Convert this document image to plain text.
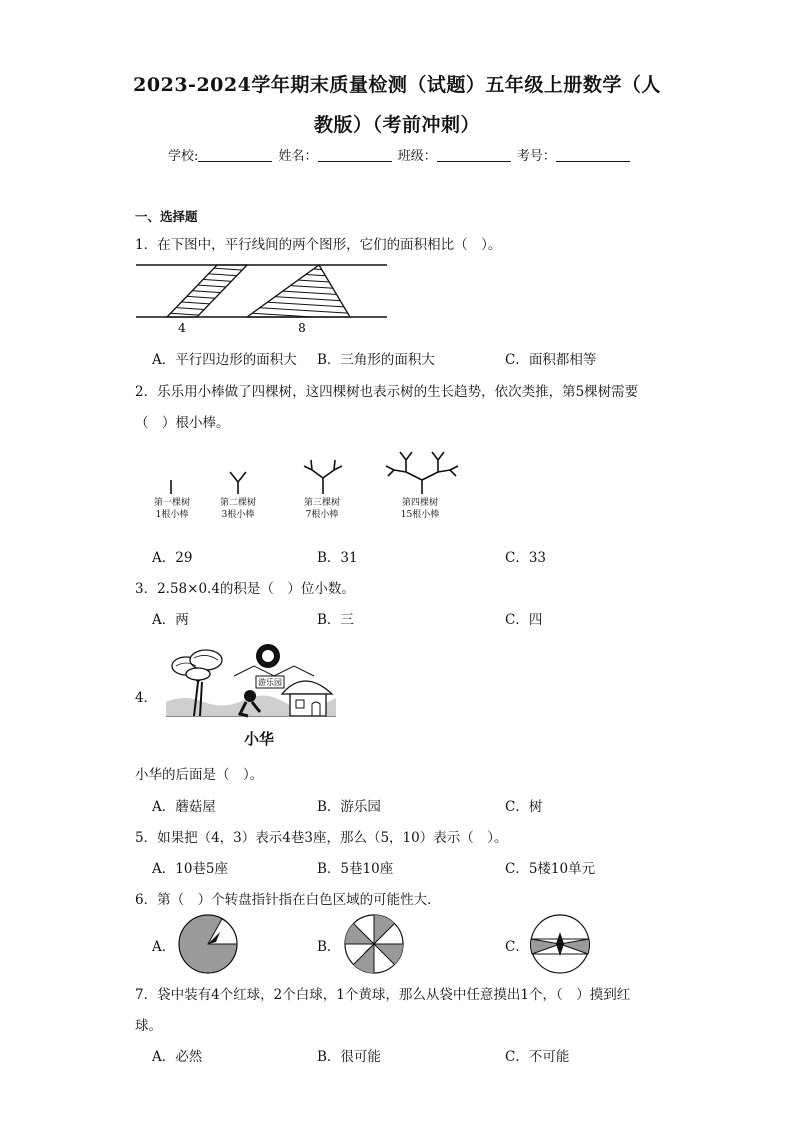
2023-2024学年期末质量检测（试题）五年级上册数学（人
教版）（考前冲刺）
学校:	姓名：	班级：	考号：
一、选择题
1．在下图中，平行线间的两个图形，它们的面积相比（　）。
4	8
A．平行四边形的面积大 B．三角形的面积大	C．面积都相等
2．乐乐用小棒做了四棵树，这四棵树也表示树的生长趋势，依次类推，第5棵树需要
（　）根小棒。
第一棵树
1根小棒
第二棵树
3根小棒
第三棵树
7根小棒
第四棵树
15根小棒
A．29	B．31	C．33
3．2.58×0.4的积是（　）位小数。
A．两	B．三	C．四
4．
游乐园
小华
小华的后面是（　）。
A．蘑菇屋	B．游乐园	C．树
5．如果把（4，3）表示4巷3座，那么（5，10）表示（　）。
A．10巷5座	B．5巷10座	C．5楼10单元
6．第（　）个转盘指针指在白色区域的可能性大．
A．	B．	C．
7．袋中装有4个红球，2个白球，1个黄球，那么从袋中任意摸出1个，（　）摸到红
球。
A．必然	B．很可能	C．不可能
